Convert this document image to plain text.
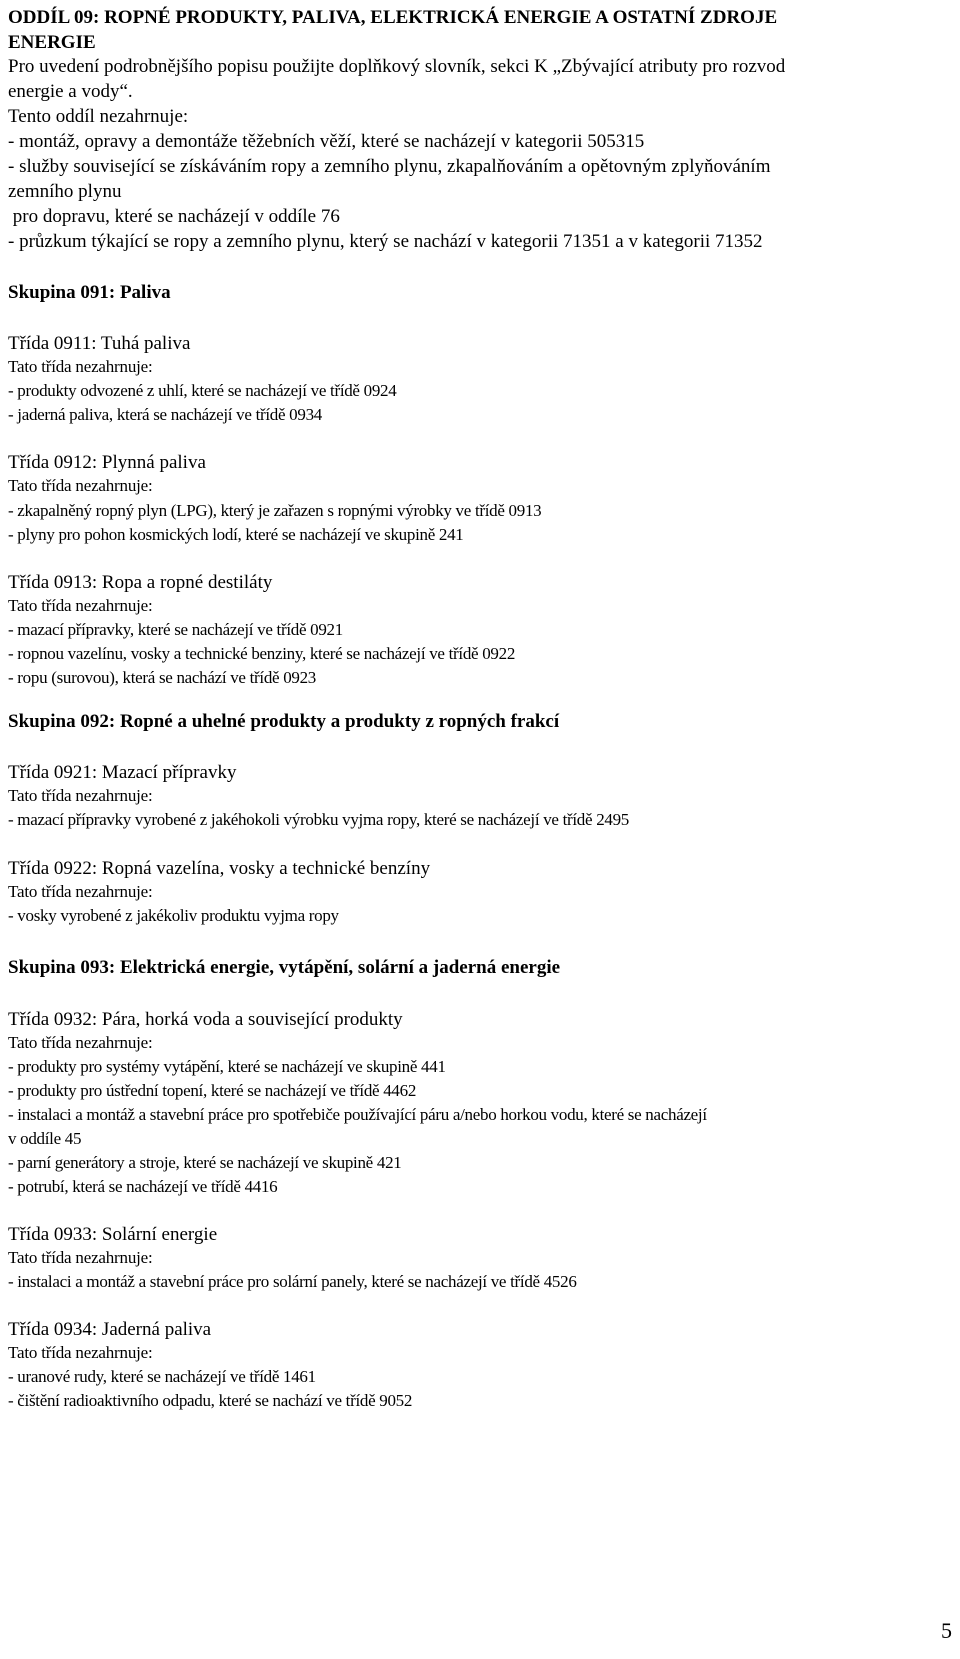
ODDÍL 09: ROPNÉ PRODUKTY, PALIVA, ELEKTRICKÁ ENERGIE A OSTATNÍ ZDROJE
ENERGIE
Pro uvedení podrobnějšího popisu použijte doplňkový slovník, sekci K „Zbývající atributy pro rozvod
energie a vody“.
Tento oddíl nezahrnuje:
- montáž, opravy a demontáže těžebních věží, které se nacházejí v kategorii 505315
- služby související se získáváním ropy a zemního plynu, zkapalňováním a opětovným zplyňováním
zemního plynu
pro dopravu, které se nacházejí v oddíle 76
- průzkum týkající se ropy a zemního plynu, který se nachází v kategorii 71351 a v kategorii 71352
Skupina 091: Paliva
Třída 0911: Tuhá paliva
Tato třída nezahrnuje:
- produkty odvozené z uhlí, které se nacházejí ve třídě 0924
- jaderná paliva, která se nacházejí ve třídě 0934
Třída 0912: Plynná paliva
Tato třída nezahrnuje:
- zkapalněný ropný plyn (LPG), který je zařazen s ropnými výrobky ve třídě 0913
- plyny pro pohon kosmických lodí, které se nacházejí ve skupině 241
Třída 0913: Ropa a ropné destiláty
Tato třída nezahrnuje:
- mazací přípravky, které se nacházejí ve třídě 0921
- ropnou vazelínu, vosky a technické benziny, které se nacházejí ve třídě 0922
- ropu (surovou), která se nachází ve třídě 0923
Skupina 092: Ropné a uhelné produkty a produkty z ropných frakcí
Třída 0921: Mazací přípravky
Tato třída nezahrnuje:
- mazací přípravky vyrobené z jakéhokoli výrobku vyjma ropy, které se nacházejí ve třídě 2495
Třída 0922: Ropná vazelína, vosky a technické benzíny
Tato třída nezahrnuje:
- vosky vyrobené z jakékoliv produktu vyjma ropy
Skupina 093: Elektrická energie, vytápění, solární a jaderná energie
Třída 0932: Pára, horká voda a související produkty
Tato třída nezahrnuje:
- produkty pro systémy vytápění, které se nacházejí ve skupině 441
- produkty pro ústřední topení, které se nacházejí ve třídě 4462
- instalaci a montáž a stavební práce pro spotřebiče používající páru a/nebo horkou vodu, které se nacházejí
v oddíle 45
- parní generátory a stroje, které se nacházejí ve skupině 421
- potrubí, která se nacházejí ve třídě 4416
Třída 0933: Solární energie
Tato třída nezahrnuje:
- instalaci a montáž a stavební práce pro solární panely, které se nacházejí ve třídě 4526
Třída 0934: Jaderná paliva
Tato třída nezahrnuje:
- uranové rudy, které se nacházejí ve třídě 1461
- čištění radioaktivního odpadu, které se nachází ve třídě 9052
5
